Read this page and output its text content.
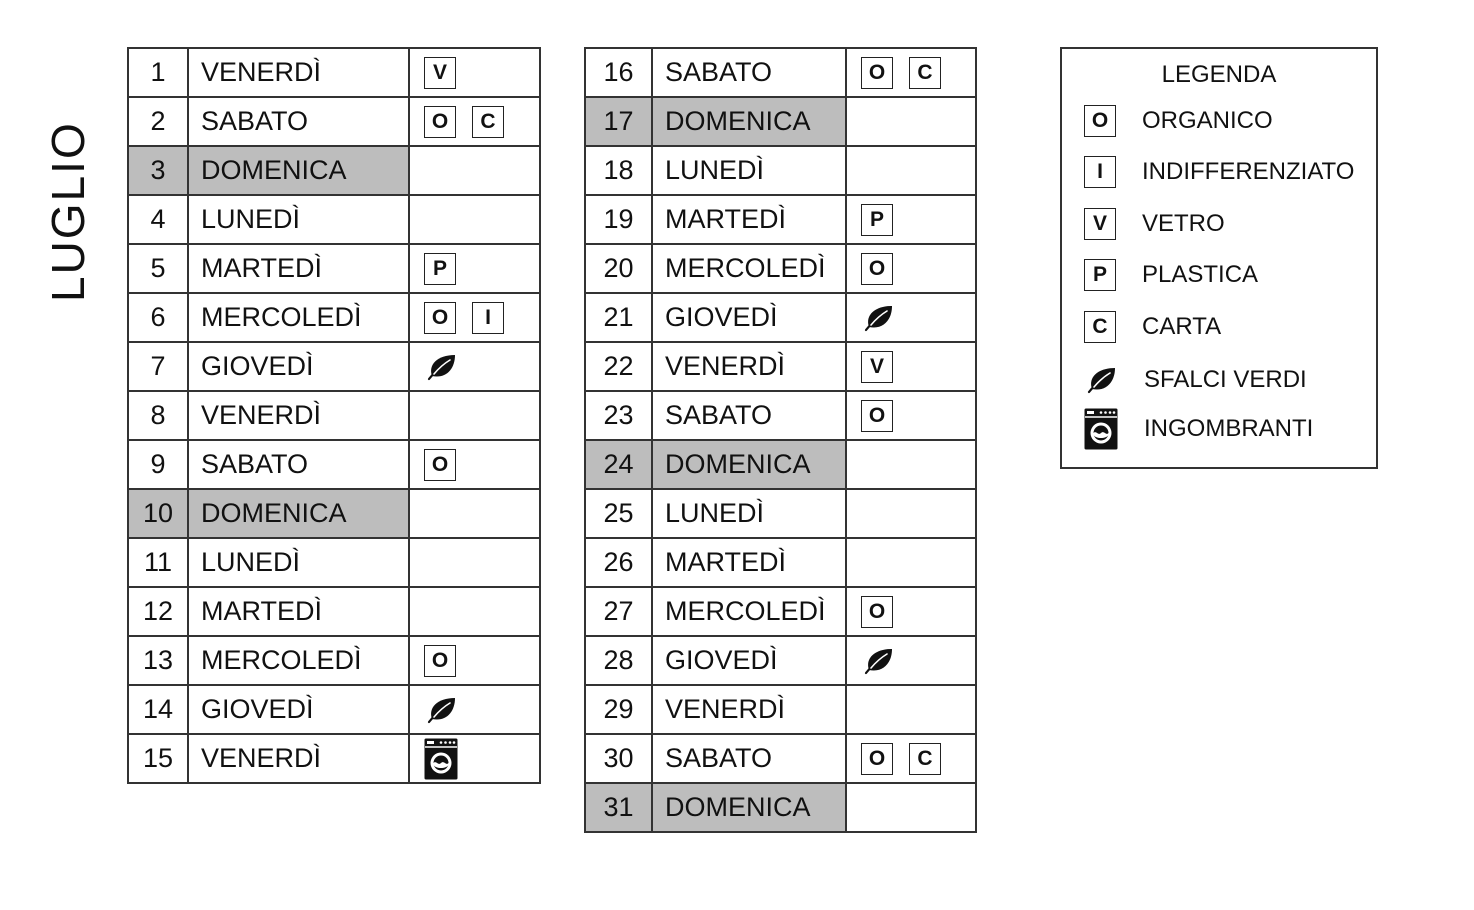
LUGLIO
1	VENERDÌ	V

2	SABATO	O C

3	DOMENICA	

4	LUNEDÌ	

5	MARTEDÌ	P

6	MERCOLEDÌ	O I

7	GIOVEDÌ	

8	VENERDÌ	

9	SABATO	O

10	DOMENICA	

11	LUNEDÌ	

12	MARTEDÌ	

13	MERCOLEDÌ	O

14	GIOVEDÌ	

15	VENERDÌ	
16	SABATO	O C

17	DOMENICA	

18	LUNEDÌ	

19	MARTEDÌ	P

20	MERCOLEDÌ	O

21	GIOVEDÌ	

22	VENERDÌ	V

23	SABATO	O

24	DOMENICA	

25	LUNEDÌ	

26	MARTEDÌ	

27	MERCOLEDÌ	O

28	GIOVEDÌ	

29	VENERDÌ	

30	SABATO	O C

31	DOMENICA	
LEGENDA
O	ORGANICO
I	INDIFFERENZIATO
V	VETRO
P	PLASTICA
C	CARTA
SFALCI VERDI
INGOMBRANTI
